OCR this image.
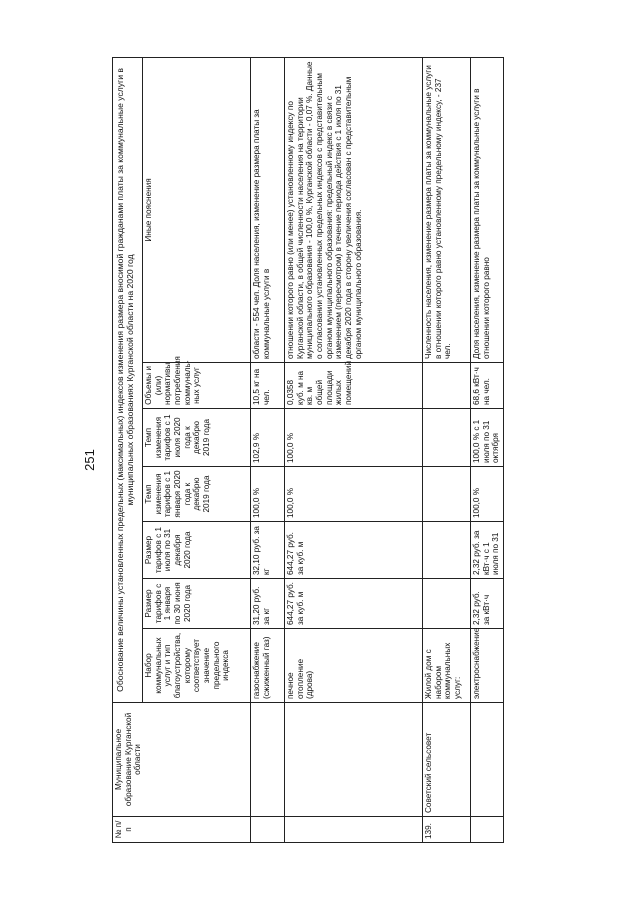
251
№ п/п	Муниципальное образование Курганской области	Обоснование величины установленных предельных (максимальных) индексов изменения размера вносимой гражданами платы за коммунальные услуги в муниципальных образованиях Курганской области на 2020 год						
		Набор коммунальных услуг и тип благоустройства, которому соответствует значение предельного индекса	Размер тарифов с 1 января по 30 июня 2020 года	Размер тарифов с 1 июля по 31 декабря 2020 года	Темп изменения тарифов с 1 января 2020 года к декабрю 2019 года	Темп изменения тарифов с 1 июля 2020 года к декабрю 2019 года	Объемы и (или) нормативы потребления коммуналь-ных услуг	Иные пояснения
		газоснабжение (сжиженный газ)	31,20 руб. за кг	32,10 руб. за кг	100,0 %	102,9 %	10,5 кг на чел.	области - 554 чел. Доля населения, изменение размера платы за коммунальные услуги в
		печное отопление (дрова)	644,27 руб. за куб. м	644,27 руб. за куб. м	100,0 %	100,0 %	0,0358 куб. м на кв. м общей площади жилых помещений	отношении которого равно (или менее) установленному индексу по Курганской области, в общей численности населения на территории муниципального образования - 100,0 %, Курганской области - 0,07 %. Данные о согласовании установленных предельных индексов с представительным органом муниципального образования: предельный индекс в связи с изменением (пересмотром) в течение периода действия с 1 июля по 31 декабря 2020 года в сторону увеличения согласован с представительным органом муниципального образования.
139.	Советский сельсовет	Жилой дом с набором коммунальных услуг:						Численность населения, изменение размера платы за коммунальные услуги в отношении которого равно установленному предельному индексу, - 237 чел.
		электроснабжение	2,32 руб. за кВт·ч	2,32 руб. за кВт·ч с 1 июля по 31	100,0 %	100,0 % с 1 июля по 31 октября	68,6 кВт·ч на чел.	Доля населения, изменение размера платы за коммунальные услуги в отношении которого равно
